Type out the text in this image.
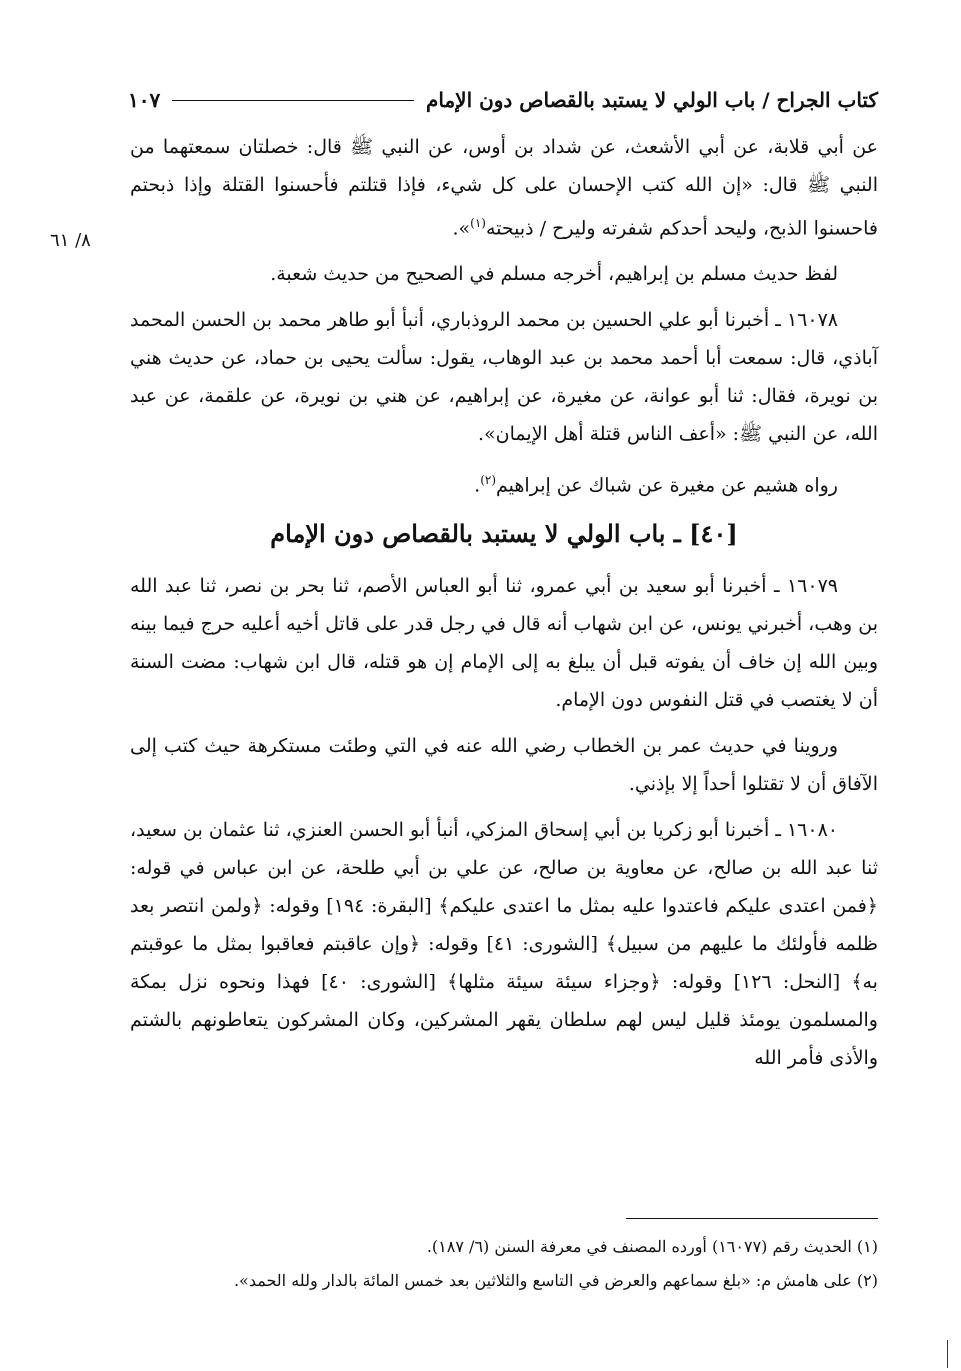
كتاب الجراح / باب الولي لا يستبد بالقصاص دون الإمام
١٠٧
٨/ ٦١

عن أبي قلابة، عن أبي الأشعث، عن شداد بن أوس، عن النبي ﷺ قال: خصلتان سمعتهما من النبي ﷺ قال: «إن الله كتب الإحسان على كل شيء، فإذا قتلتم فأحسنوا القتلة وإذا ذبحتم فاحسنوا الذبح، وليحد أحدكم شفرته وليرح / ذبيحته$^{(١)}$».

لفظ حديث مسلم بن إبراهيم، أخرجه مسلم في الصحيح من حديث شعبة.

١٦٠٧٨ ـ أخبرنا أبو علي الحسين بن محمد الروذباري، أنبأ أبو طاهر محمد بن الحسن المحمد آباذي، قال: سمعت أبا أحمد محمد بن عبد الوهاب، يقول: سألت يحيى بن حماد، عن حديث هني بن نويرة، فقال: ثنا أبو عوانة، عن مغيرة، عن إبراهيم، عن هني بن نويرة، عن علقمة، عن عبد الله، عن النبي ﷺ: «أعف الناس قتلة أهل الإيمان».

رواه هشيم عن مغيرة عن شباك عن إبراهيم$^{(٢)}$.

[٤٠] ـ باب الولي لا يستبد بالقصاص دون الإمام

١٦٠٧٩ ـ أخبرنا أبو سعيد بن أبي عمرو، ثنا أبو العباس الأصم، ثنا بحر بن نصر، ثنا عبد الله بن وهب، أخبرني يونس، عن ابن شهاب أنه قال في رجل قدر على قاتل أخيه أعليه حرج فيما بينه وبين الله إن خاف أن يفوته قبل أن يبلغ به إلى الإمام إن هو قتله، قال ابن شهاب: مضت السنة أن لا يغتصب في قتل النفوس دون الإمام.

وروينا في حديث عمر بن الخطاب رضي الله عنه في التي وطئت مستكرهة حيث كتب إلى الآفاق أن لا تقتلوا أحداً إلا بإذني.

١٦٠٨٠ ـ أخبرنا أبو زكريا بن أبي إسحاق المزكي، أنبأ أبو الحسن العنزي، ثنا عثمان بن سعيد، ثنا عبد الله بن صالح، عن معاوية بن صالح، عن علي بن أبي طلحة، عن ابن عباس في قوله: ﴿فمن اعتدى عليكم فاعتدوا عليه بمثل ما اعتدى عليكم﴾ [البقرة: ١٩٤] وقوله: ﴿ولمن انتصر بعد ظلمه فأولئك ما عليهم من سبيل﴾ [الشورى: ٤١] وقوله: ﴿وإن عاقبتم فعاقبوا بمثل ما عوقبتم به﴾ [النحل: ١٢٦] وقوله: ﴿وجزاء سيئة سيئة مثلها﴾ [الشورى: ٤٠] فهذا ونحوه نزل بمكة والمسلمون يومئذ قليل ليس لهم سلطان يقهر المشركين، وكان المشركون يتعاطونهم بالشتم والأذى فأمر الله

(١) الحديث رقم (١٦٠٧٧) أورده المصنف في معرفة السنن (٦/ ١٨٧).
(٢) على هامش م: «بلغ سماعهم والعرض في التاسع والثلاثين بعد خمس المائة بالدار ولله الحمد».
